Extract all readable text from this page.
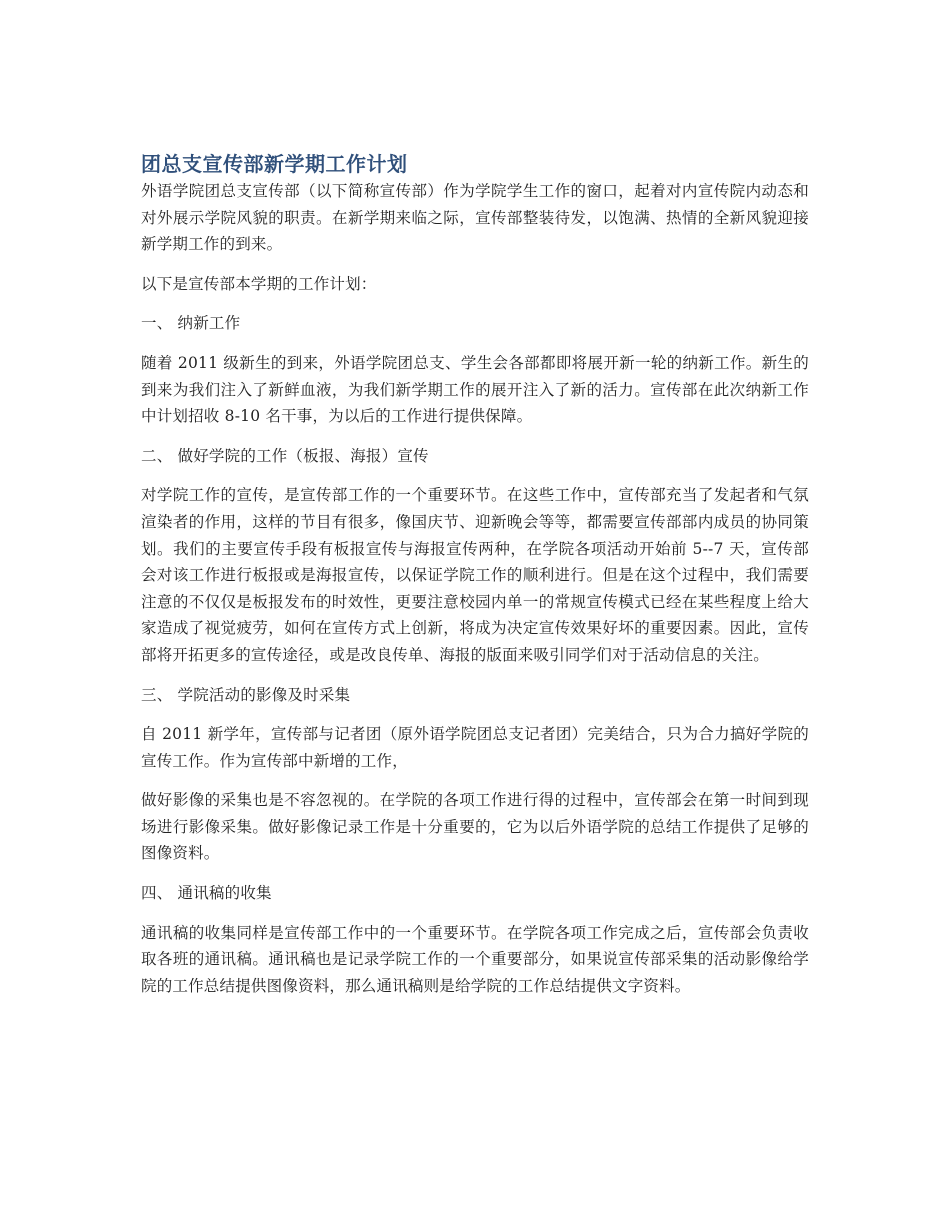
团总支宣传部新学期工作计划

外语学院团总支宣传部（以下简称宣传部）作为学院学生工作的窗口，起着对内宣传院内动态和对外展示学院风貌的职责。在新学期来临之际，宣传部整装待发，以饱满、热情的全新风貌迎接新学期工作的到来。

以下是宣传部本学期的工作计划：

一、 纳新工作

随着 2011 级新生的到来，外语学院团总支、学生会各部都即将展开新一轮的纳新工作。新生的到来为我们注入了新鲜血液，为我们新学期工作的展开注入了新的活力。宣传部在此次纳新工作中计划招收 8-10 名干事，为以后的工作进行提供保障。

二、 做好学院的工作（板报、海报）宣传

对学院工作的宣传，是宣传部工作的一个重要环节。在这些工作中，宣传部充当了发起者和气氛渲染者的作用，这样的节目有很多，像国庆节、迎新晚会等等，都需要宣传部部内成员的协同策划。我们的主要宣传手段有板报宣传与海报宣传两种，在学院各项活动开始前 5--7 天，宣传部会对该工作进行板报或是海报宣传，以保证学院工作的顺利进行。但是在这个过程中，我们需要注意的不仅仅是板报发布的时效性，更要注意校园内单一的常规宣传模式已经在某些程度上给大家造成了视觉疲劳，如何在宣传方式上创新，将成为决定宣传效果好坏的重要因素。因此，宣传部将开拓更多的宣传途径，或是改良传单、海报的版面来吸引同学们对于活动信息的关注。

三、 学院活动的影像及时采集

自 2011 新学年，宣传部与记者团（原外语学院团总支记者团）完美结合，只为合力搞好学院的宣传工作。作为宣传部中新增的工作，

做好影像的采集也是不容忽视的。在学院的各项工作进行得的过程中，宣传部会在第一时间到现场进行影像采集。做好影像记录工作是十分重要的，它为以后外语学院的总结工作提供了足够的图像资料。

四、 通讯稿的收集

通讯稿的收集同样是宣传部工作中的一个重要环节。在学院各项工作完成之后，宣传部会负责收取各班的通讯稿。通讯稿也是记录学院工作的一个重要部分，如果说宣传部采集的活动影像给学院的工作总结提供图像资料，那么通讯稿则是给学院的工作总结提供文字资料。
